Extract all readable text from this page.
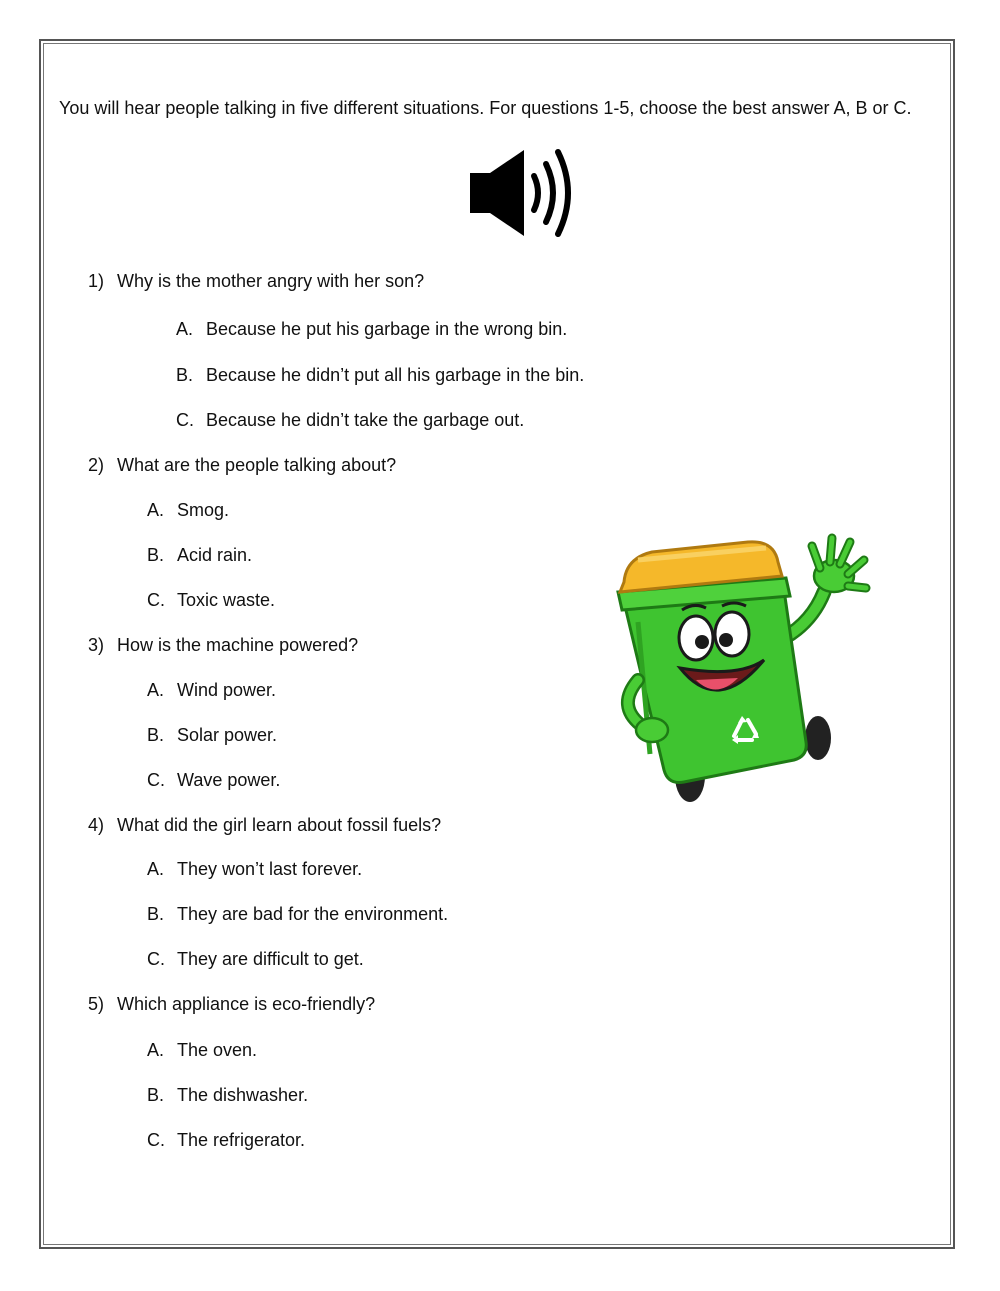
You will hear people talking in five different situations. For questions 1-5, choose the best answer A, B or C.

1) Why is the mother angry with her son?
A. Because he put his garbage in the wrong bin.
B. Because he didn’t put all his garbage in the bin.
C. Because he didn’t take the garbage out.
2) What are the people talking about?
A. Smog.
B. Acid rain.
C. Toxic waste.
3) How is the machine powered?
A. Wind power.
B. Solar power.
C. Wave power.
4) What did the girl learn about fossil fuels?
A. They won’t last forever.
B. They are bad for the environment.
C. They are difficult to get.
5) Which appliance is eco-friendly?
A. The oven.
B. The dishwasher.
C. The refrigerator.
